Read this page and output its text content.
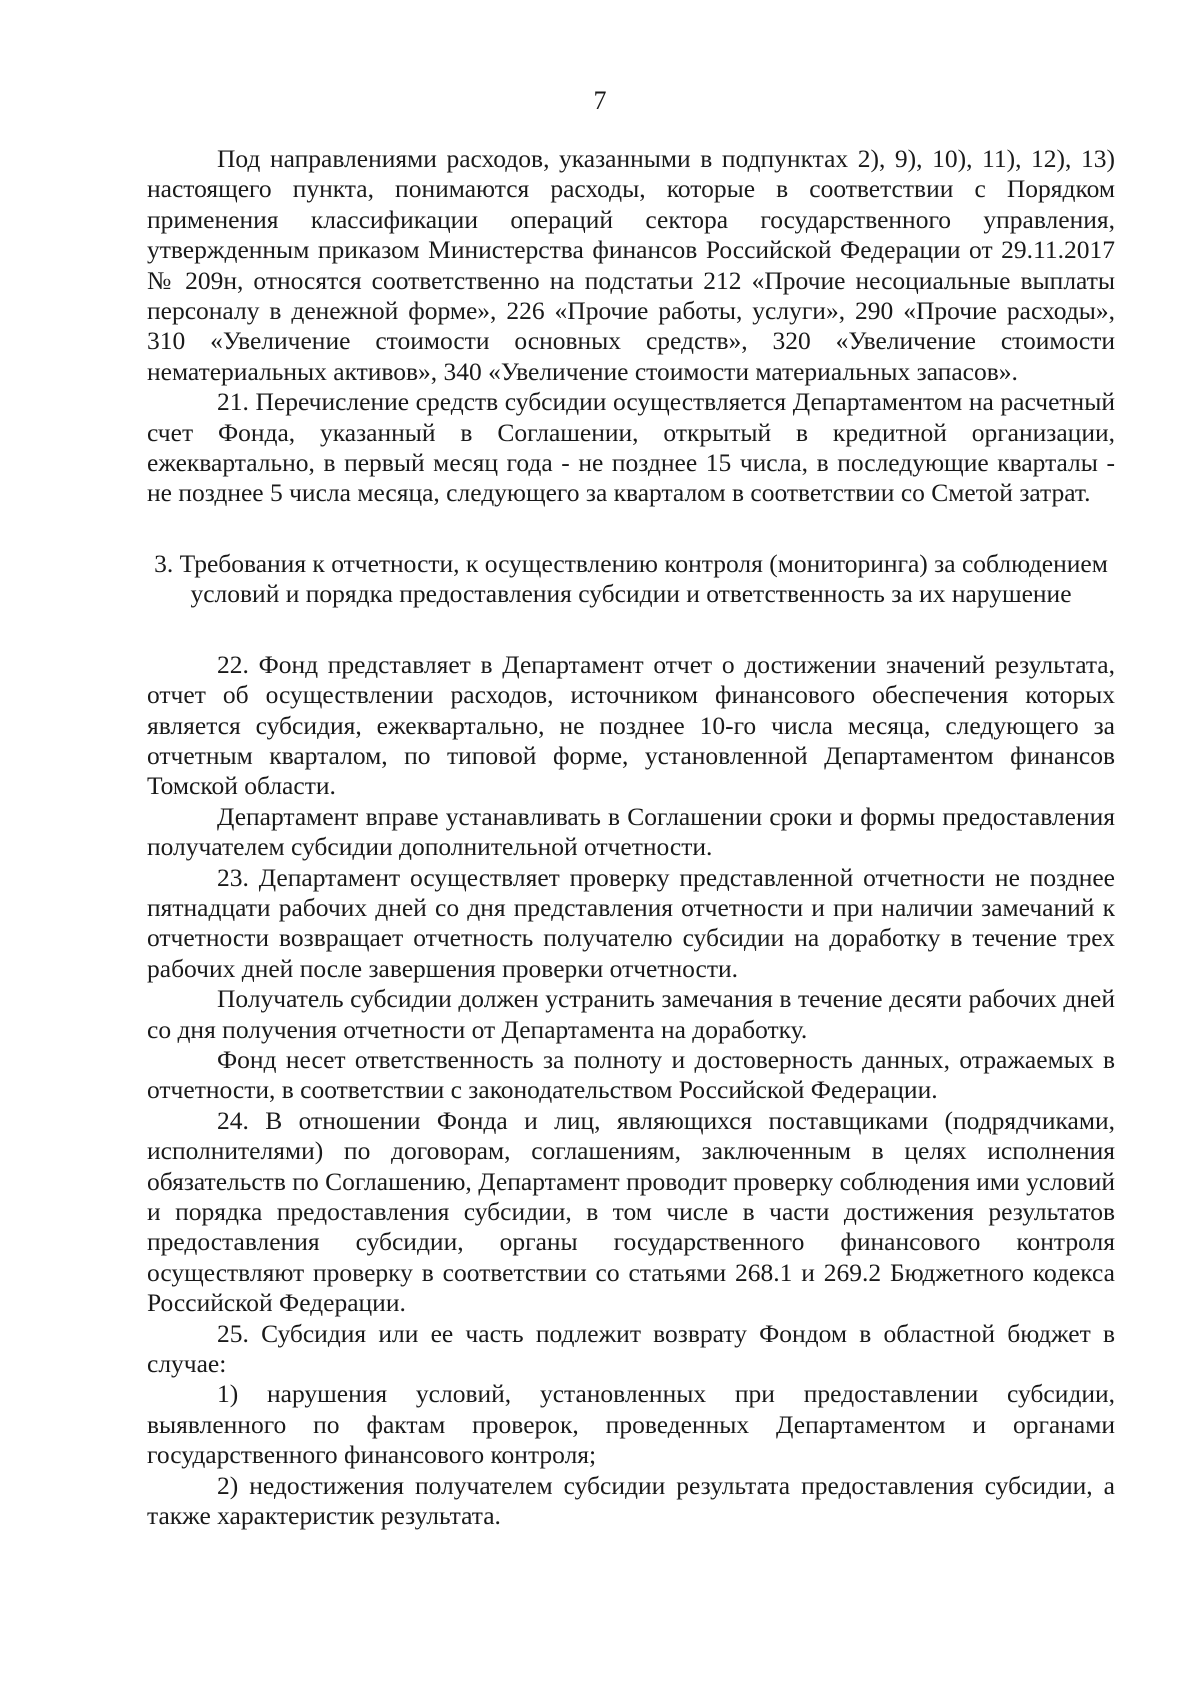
7

Под направлениями расходов, указанными в подпунктах 2), 9), 10), 11), 12), 13) настоящего пункта, понимаются расходы, которые в соответствии с Порядком применения классификации операций сектора государственного управления, утвержденным приказом Министерства финансов Российской Федерации от 29.11.2017 № 209н, относятся соответственно на подстатьи 212 «Прочие несоциальные выплаты персоналу в денежной форме», 226 «Прочие работы, услуги», 290 «Прочие расходы», 310 «Увеличение стоимости основных средств», 320 «Увеличение стоимости нематериальных активов», 340 «Увеличение стоимости материальных запасов».

21. Перечисление средств субсидии осуществляется Департаментом на расчетный счет Фонда, указанный в Соглашении, открытый в кредитной организации, ежеквартально, в первый месяц года - не позднее 15 числа, в последующие кварталы - не позднее 5 числа месяца, следующего за кварталом в соответствии со Сметой затрат.

3. Требования к отчетности, к осуществлению контроля (мониторинга) за соблюдением условий и порядка предоставления субсидии и ответственность за их нарушение

22. Фонд представляет в Департамент отчет о достижении значений результата, отчет об осуществлении расходов, источником финансового обеспечения которых является субсидия, ежеквартально, не позднее 10-го числа месяца, следующего за отчетным кварталом, по типовой форме, установленной Департаментом финансов Томской области.

Департамент вправе устанавливать в Соглашении сроки и формы предоставления получателем субсидии дополнительной отчетности.

23. Департамент осуществляет проверку представленной отчетности не позднее пятнадцати рабочих дней со дня представления отчетности и при наличии замечаний к отчетности возвращает отчетность получателю субсидии на доработку в течение трех рабочих дней после завершения проверки отчетности.

Получатель субсидии должен устранить замечания в течение десяти рабочих дней со дня получения отчетности от Департамента на доработку.

Фонд несет ответственность за полноту и достоверность данных, отражаемых в отчетности, в соответствии с законодательством Российской Федерации.

24. В отношении Фонда и лиц, являющихся поставщиками (подрядчиками, исполнителями) по договорам, соглашениям, заключенным в целях исполнения обязательств по Соглашению, Департамент проводит проверку соблюдения ими условий и порядка предоставления субсидии, в том числе в части достижения результатов предоставления субсидии, органы государственного финансового контроля осуществляют проверку в соответствии со статьями 268.1 и 269.2 Бюджетного кодекса Российской Федерации.

25. Субсидия или ее часть подлежит возврату Фондом в областной бюджет в случае:

1) нарушения условий, установленных при предоставлении субсидии, выявленного по фактам проверок, проведенных Департаментом и органами государственного финансового контроля;

2) недостижения получателем субсидии результата предоставления субсидии, а также характеристик результата.
